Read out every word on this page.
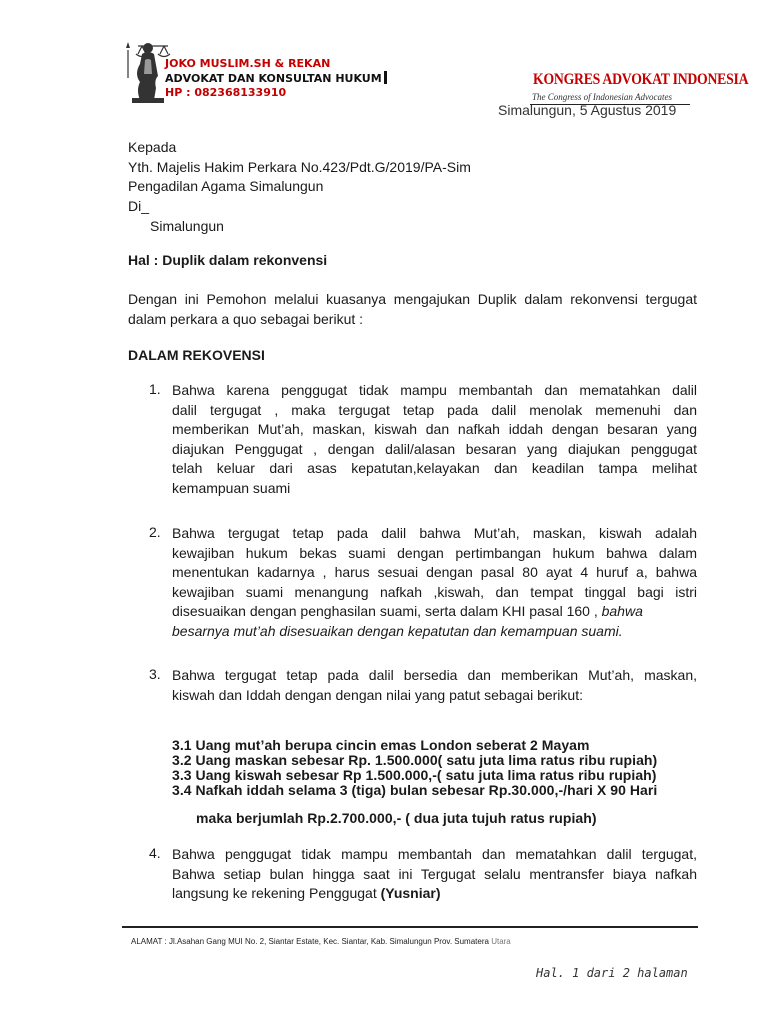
JOKO MUSLIM.SH & REKAN
ADVOKAT DAN KONSULTAN HUKUM
HP : 082368133910
KONGRES ADVOKAT INDONESIA
The Congress of Indonesian Advocates
Simalungun, 5 Agustus 2019
Kepada
Yth. Majelis Hakim Perkara No.423/Pdt.G/2019/PA-Sim
Pengadilan Agama Simalungun
Di_
Simalungun
Hal : Duplik dalam rekonvensi
Dengan ini Pemohon melalui kuasanya mengajukan Duplik dalam rekonvensi tergugat dalam perkara a quo sebagai berikut :
DALAM REKOVENSI
1. Bahwa karena penggugat tidak mampu membantah dan mematahkan dalil
dalil tergugat , maka tergugat tetap pada dalil menolak memenuhi dan
memberikan Mut’ah, maskan, kiswah dan nafkah iddah dengan besaran yang
diajukan Penggugat , dengan dalil/alasan besaran yang diajukan penggugat
telah keluar dari asas kepatutan,kelayakan dan keadilan tampa melihat
kemampuan suami
2. Bahwa tergugat tetap pada dalil bahwa Mut’ah, maskan, kiswah adalah
kewajiban hukum bekas suami dengan pertimbangan hukum bahwa dalam
menentukan kadarnya , harus sesuai dengan pasal 80 ayat 4 huruf a, bahwa
kewajiban suami menangung nafkah ,kiswah, dan tempat tinggal bagi istri
disesuaikan dengan penghasilan suami, serta dalam KHI pasal 160 , bahwa
besarnya mut’ah disesuaikan dengan kepatutan dan kemampuan suami.
3. Bahwa tergugat tetap pada dalil bersedia dan memberikan Mut’ah, maskan,
kiswah dan Iddah dengan dengan nilai yang patut sebagai berikut:
3.1 Uang mut’ah berupa cincin emas London seberat 2 Mayam
3.2 Uang maskan sebesar Rp. 1.500.000( satu juta lima ratus ribu rupiah)
3.3 Uang kiswah sebesar Rp 1.500.000,-( satu juta lima ratus ribu rupiah)
3.4 Nafkah iddah selama 3 (tiga) bulan sebesar Rp.30.000,-/hari X 90 Hari
maka berjumlah Rp.2.700.000,- ( dua juta tujuh ratus rupiah)
4. Bahwa penggugat tidak mampu membantah dan mematahkan dalil tergugat,
Bahwa setiap bulan hingga saat ini Tergugat selalu mentransfer biaya nafkah
langsung ke rekening Penggugat (Yusniar)
ALAMAT : Jl.Asahan Gang MUI No. 2, Siantar Estate, Kec. Siantar, Kab. Simalungun Prov. Sumatera Utara
Hal. 1 dari 2 halaman
